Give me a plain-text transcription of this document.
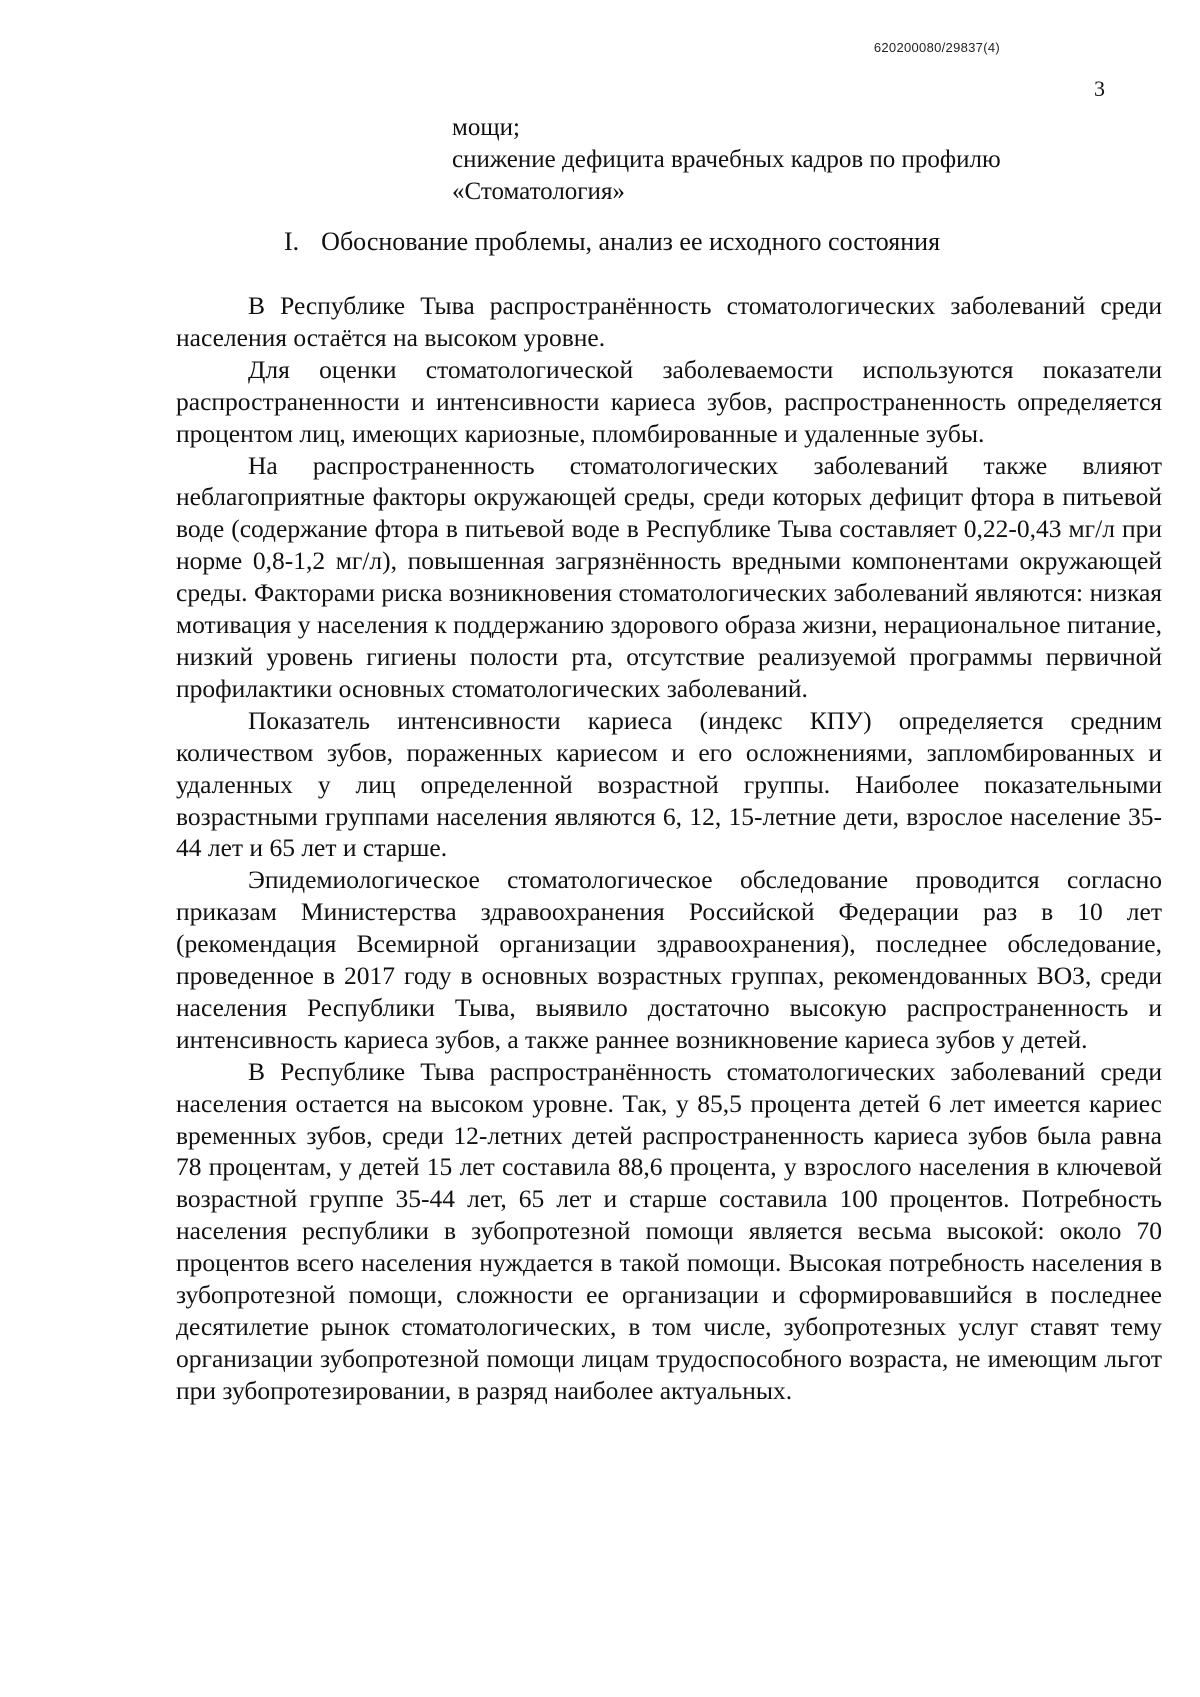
620200080/29837(4)
3

мощи;

снижение дефицита врачебных кадров по профилю «Стоматология»

I. Обоснование проблемы, анализ ее исходного состояния

В Республике Тыва распространённость стоматологических заболеваний среди населения остаётся на высоком уровне.

Для оценки стоматологической заболеваемости используются показатели распространенности и интенсивности кариеса зубов, распространенность определяется процентом лиц, имеющих кариозные, пломбированные и удаленные зубы.

На распространенность стоматологических заболеваний также влияют неблагоприятные факторы окружающей среды, среди которых дефицит фтора в питьевой воде (содержание фтора в питьевой воде в Республике Тыва составляет 0,22-0,43 мг/л при норме 0,8-1,2 мг/л), повышенная загрязнённость вредными компонентами окружающей среды. Факторами риска возникновения стоматологических заболеваний являются: низкая мотивация у населения к поддержанию здорового образа жизни, нерациональное питание, низкий уровень гигиены полости рта, отсутствие реализуемой программы первичной профилактики основных стоматологических заболеваний.

Показатель интенсивности кариеса (индекс КПУ) определяется средним количеством зубов, пораженных кариесом и его осложнениями, запломбированных и удаленных у лиц определенной возрастной группы. Наиболее показательными возрастными группами населения являются 6, 12, 15-летние дети, взрослое население 35-44 лет и 65 лет и старше.

Эпидемиологическое стоматологическое обследование проводится согласно приказам Министерства здравоохранения Российской Федерации раз в 10 лет (рекомендация Всемирной организации здравоохранения), последнее обследование, проведенное в 2017 году в основных возрастных группах, рекомендованных ВОЗ, среди населения Республики Тыва, выявило достаточно высокую распространенность и интенсивность кариеса зубов, а также раннее возникновение кариеса зубов у детей.

В Республике Тыва распространённость стоматологических заболеваний среди населения остается на высоком уровне. Так, у 85,5 процента детей 6 лет имеется кариес временных зубов, среди 12-летних детей распространенность кариеса зубов была равна 78 процентам, у детей 15 лет составила 88,6 процента, у взрослого населения в ключевой возрастной группе 35-44 лет, 65 лет и старше составила 100 процентов. Потребность населения республики в зубопротезной помощи является весьма высокой: около 70 процентов всего населения нуждается в такой помощи. Высокая потребность населения в зубопротезной помощи, сложности ее организации и сформировавшийся в последнее десятилетие рынок стоматологических, в том числе, зубопротезных услуг ставят тему организации зубопротезной помощи лицам трудоспособного возраста, не имеющим льгот при зубопротезировании, в разряд наиболее актуальных.
